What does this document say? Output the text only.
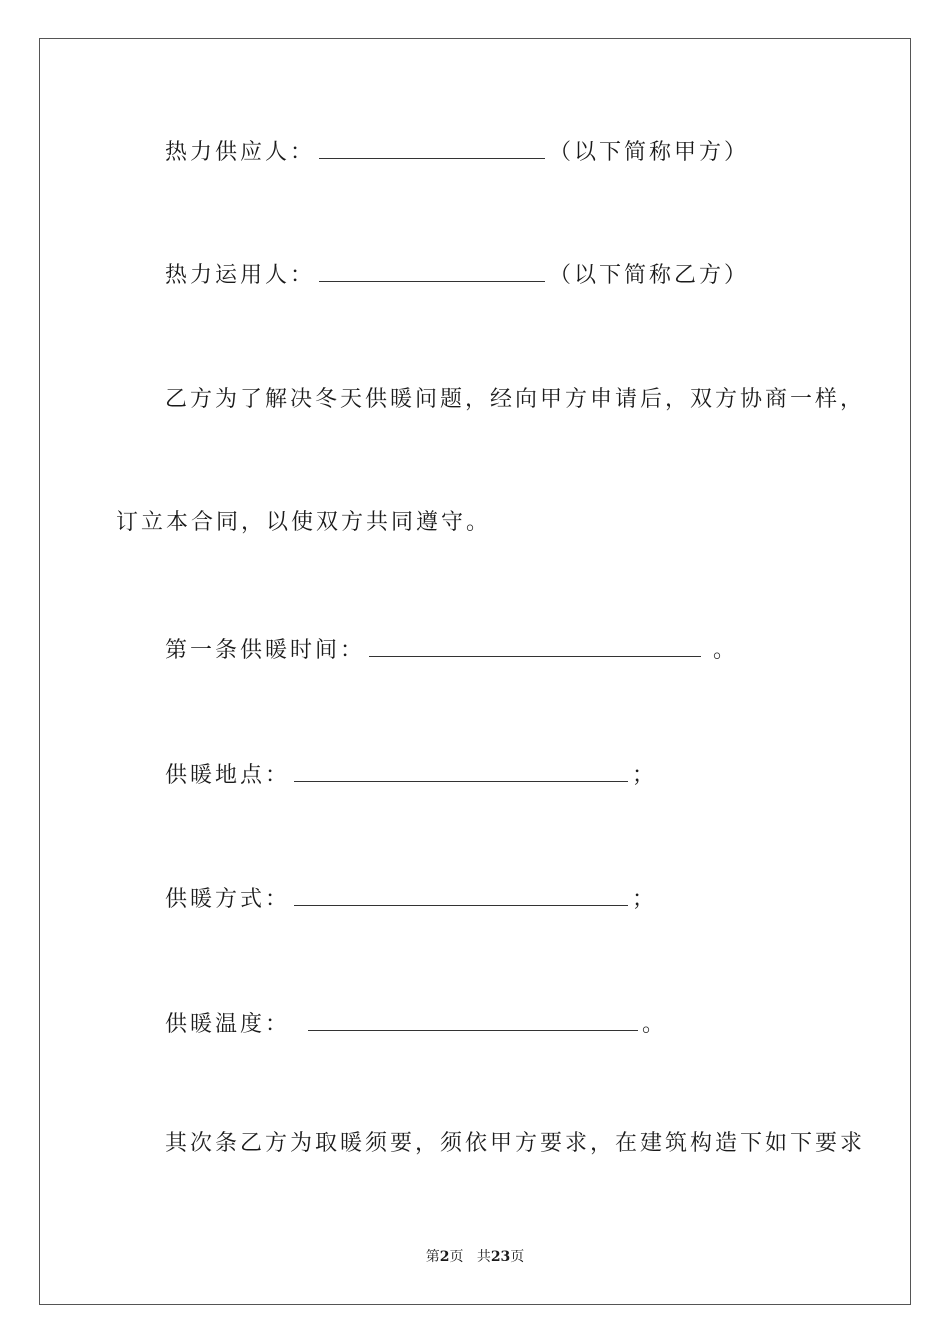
热力供应人：	（以下简称甲方）
热力运用人：	（以下简称乙方）
乙方为了解决冬天供暖问题，经向甲方申请后，双方协商一样，
订立本合同，以使双方共同遵守。
第一条供暖时间：	。
供暖地点：	；
供暖方式：	；
供暖温度：	。
其次条乙方为取暖须要，须依甲方要求，在建筑构造下如下要求
第2页 共23页
